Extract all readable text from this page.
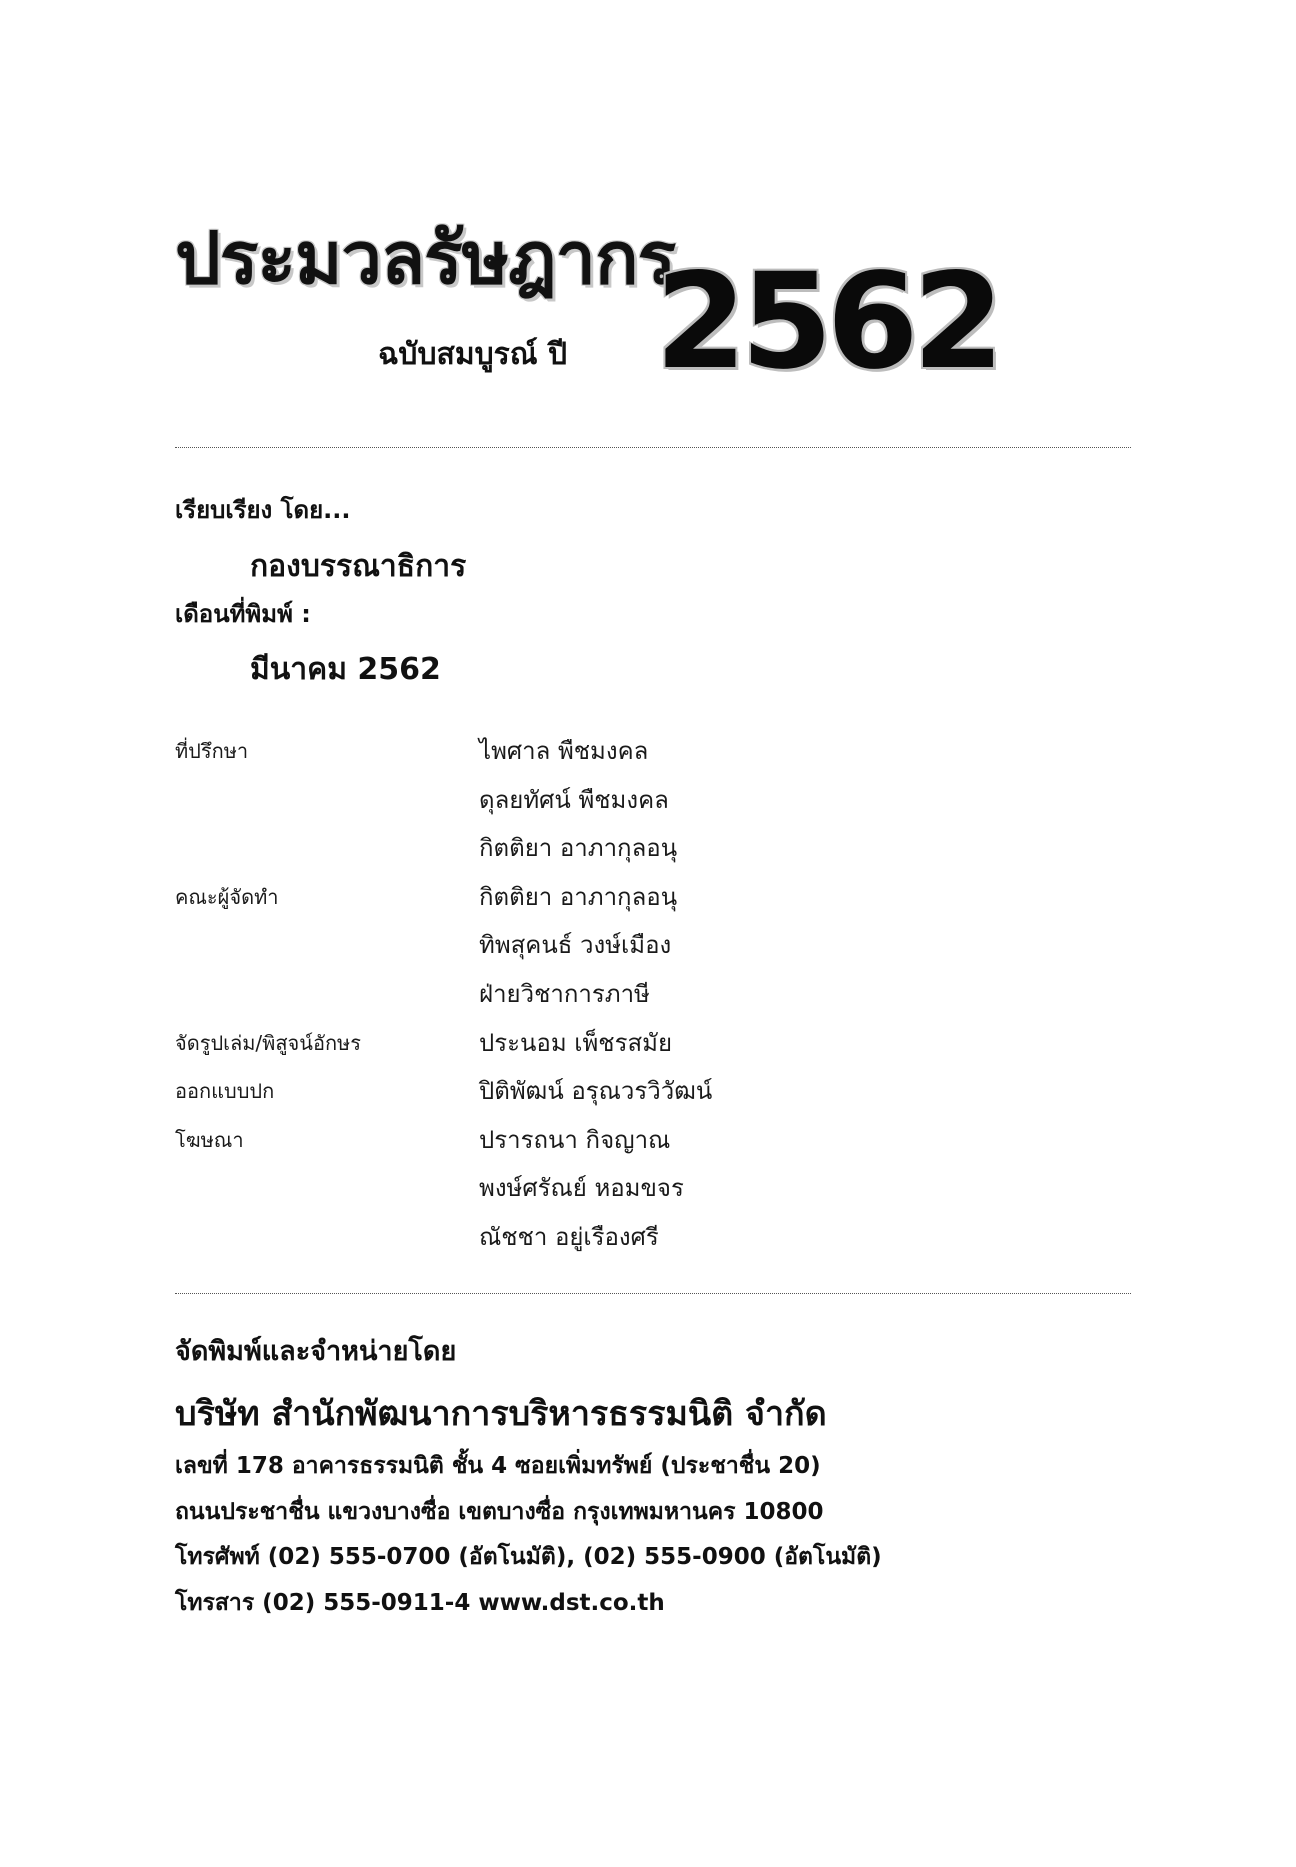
ประมวลรัษฎากร
ฉบับสมบูรณ์ ปี 2562
เรียบเรียง โดย...
กองบรรณาธิการ
เดือนที่พิมพ์ :
มีนาคม 2562
ที่ปรึกษา	ไพศาล พืชมงคล
ดุลยทัศน์ พืชมงคล
กิตติยา อาภากุลอนุ
คณะผู้จัดทำ	กิตติยา อาภากุลอนุ
ทิพสุคนธ์ วงษ์เมือง
ฝ่ายวิชาการภาษี
จัดรูปเล่ม/พิสูจน์อักษร	ประนอม เพ็ชรสมัย
ออกแบบปก	ปิติพัฒน์ อรุณวรวิวัฒน์
โฆษณา	ปรารถนา กิจญาณ
พงษ์ศรัณย์ หอมขจร
ณัชชา อยู่เรืองศรี
จัดพิมพ์และจำหน่ายโดย
บริษัท สำนักพัฒนาการบริหารธรรมนิติ จำกัด
เลขที่ 178 อาคารธรรมนิติ ชั้น 4 ซอยเพิ่มทรัพย์ (ประชาชื่น 20)
ถนนประชาชื่น แขวงบางซื่อ เขตบางซื่อ กรุงเทพมหานคร 10800
โทรศัพท์ (02) 555-0700 (อัตโนมัติ), (02) 555-0900 (อัตโนมัติ)
โทรสาร (02) 555-0911-4 www.dst.co.th
